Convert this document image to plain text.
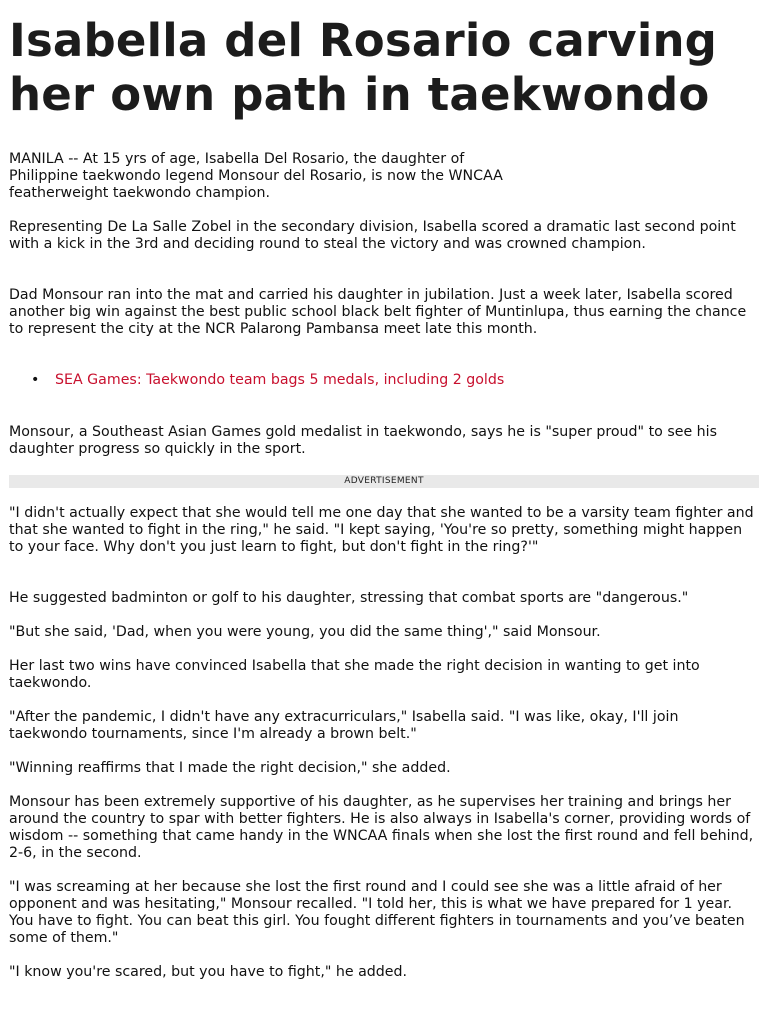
Isabella del Rosario carving her own path in taekwondo

MANILA -- At 15 yrs of age, Isabella Del Rosario, the daughter of Philippine taekwondo legend Monsour del Rosario, is now the WNCAA featherweight taekwondo champion.

Representing De La Salle Zobel in the secondary division, Isabella scored a dramatic last second point with a kick in the 3rd and deciding round to steal the victory and was crowned champion.

Dad Monsour ran into the mat and carried his daughter in jubilation. Just a week later, Isabella scored another big win against the best public school black belt fighter of Muntinlupa, thus earning the chance to represent the city at the NCR Palarong Pambansa meet late this month.

• SEA Games: Taekwondo team bags 5 medals, including 2 golds

Monsour, a Southeast Asian Games gold medalist in taekwondo, says he is "super proud" to see his daughter progress so quickly in the sport.

ADVERTISEMENT

"I didn't actually expect that she would tell me one day that she wanted to be a varsity team fighter and that she wanted to fight in the ring," he said. "I kept saying, 'You're so pretty, something might happen to your face. Why don't you just learn to fight, but don't fight in the ring?'"

He suggested badminton or golf to his daughter, stressing that combat sports are "dangerous."

"But she said, 'Dad, when you were young, you did the same thing'," said Monsour.

Her last two wins have convinced Isabella that she made the right decision in wanting to get into taekwondo.

"After the pandemic, I didn't have any extracurriculars," Isabella said. "I was like, okay, I'll join taekwondo tournaments, since I'm already a brown belt."

"Winning reaffirms that I made the right decision," she added.

Monsour has been extremely supportive of his daughter, as he supervises her training and brings her around the country to spar with better fighters. He is also always in Isabella's corner, providing words of wisdom -- something that came handy in the WNCAA finals when she lost the first round and fell behind, 2-6, in the second.

"I was screaming at her because she lost the first round and I could see she was a little afraid of her opponent and was hesitating," Monsour recalled. "I told her, this is what we have prepared for 1 year. You have to fight. You can beat this girl. You fought different fighters in tournaments and you’ve beaten some of them."

"I know you're scared, but you have to fight," he added.
